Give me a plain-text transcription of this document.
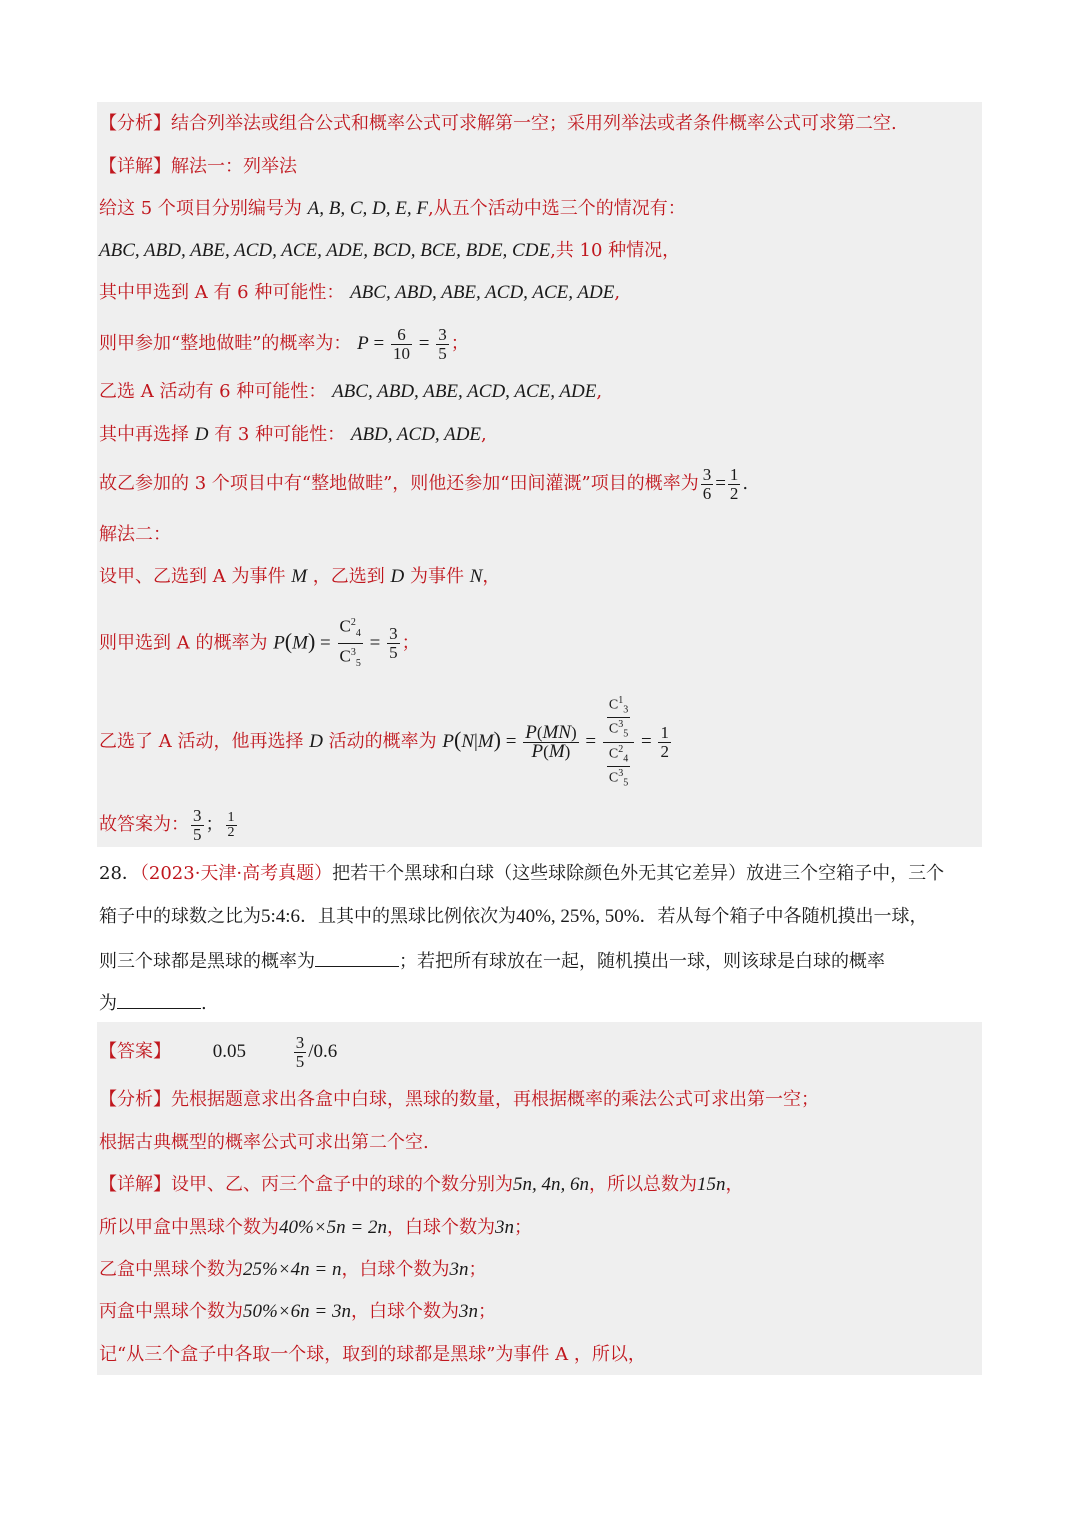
【分析】结合列举法或组合公式和概率公式可求解第一空；采用列举法或者条件概率公式可求第二空.
【详解】解法一：列举法
给这 5 个项目分别编号为 A, B, C, D, E, F,从五个活动中选三个的情况有：
ABC, ABD, ABE, ACD, ACE, ADE, BCD, BCE, BDE, CDE,共 10 种情况，
其中甲选到 A 有 6 种可能性： ABC, ABD, ABE, ACD, ACE, ADE,
则甲参加“整地做畦”的概率为： $P = \frac{6}{10} = \frac{3}{5}$ ；
乙选 A 活动有 6 种可能性： ABC, ABD, ABE, ACD, ACE, ADE,
其中再选择 D 有 3 种可能性： ABD, ACD, ADE,
故乙参加的 3 个项目中有“整地做畦”，则他还参加“田间灌溉”项目的概率为 $\frac{3}{6} = \frac{1}{2}$ .
解法二：
设甲、乙选到 A 为事件 M ，乙选到 D 为事件 N，
则甲选到 A 的概率为 $P(M) = \frac{C^2_4}{C^3_5} = \frac{3}{5}$ ；
乙选了 A 活动，他再选择 D 活动的概率为 $P(N|M) = \frac{P(MN)}{P(M)} = \frac{\frac{C^1_3}{C^3_5}}{\frac{C^2_4}{C^3_5}} = \frac{1}{2}$
故答案为： $\frac{3}{5}$ ； $\frac{1}{2}$
28．（2023·天津·高考真题）把若干个黑球和白球（这些球除颜色外无其它差异）放进三个空箱子中，三个
箱子中的球数之比为5:4:6．且其中的黑球比例依次为40%, 25%, 50%．若从每个箱子中各随机摸出一球，
则三个球都是黑球的概率为	；若把所有球放在一起，随机摸出一球，则该球是白球的概率
为	.
【答案】 0.05	$\frac{3}{5} /0.6$
【分析】先根据题意求出各盒中白球，黑球的数量，再根据概率的乘法公式可求出第一空；
根据古典概型的概率公式可求出第二个空.
【详解】设甲、乙、丙三个盒子中的球的个数分别为5n, 4n, 6n，所以总数为15n，
所以甲盒中黑球个数为40%×5n = 2n，白球个数为3n；
乙盒中黑球个数为25%×4n = n，白球个数为3n；
丙盒中黑球个数为50%×6n = 3n，白球个数为3n；
记“从三个盒子中各取一个球，取到的球都是黑球”为事件 A ，所以，
